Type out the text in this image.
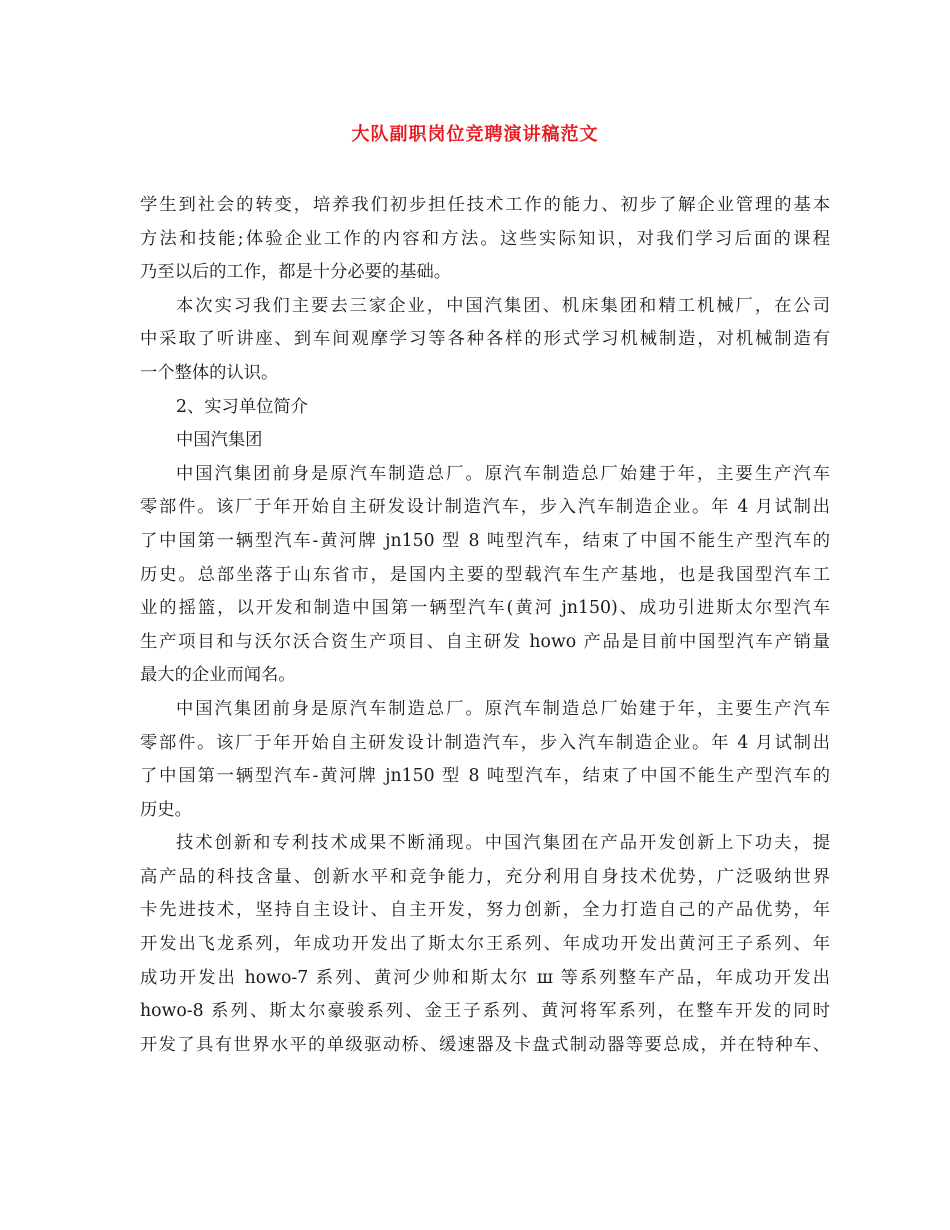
大队副职岗位竞聘演讲稿范文
学生到社会的转变，培养我们初步担任技术工作的能力、初步了解企业管理的基本
方法和技能;体验企业工作的内容和方法。这些实际知识，对我们学习后面的课程
乃至以后的工作，都是十分必要的基础。
本次实习我们主要去三家企业，中国汽集团、机床集团和精工机械厂，在公司
中采取了听讲座、到车间观摩学习等各种各样的形式学习机械制造，对机械制造有
一个整体的认识。
2、实习单位简介
中国汽集团
中国汽集团前身是原汽车制造总厂。原汽车制造总厂始建于年，主要生产汽车
零部件。该厂于年开始自主研发设计制造汽车，步入汽车制造企业。年 4 月试制出
了中国第一辆型汽车-黄河牌 jn150 型 8 吨型汽车，结束了中国不能生产型汽车的
历史。总部坐落于山东省市，是国内主要的型载汽车生产基地，也是我国型汽车工
业的摇篮，以开发和制造中国第一辆型汽车(黄河 jn150)、成功引进斯太尔型汽车
生产项目和与沃尔沃合资生产项目、自主研发 howo 产品是目前中国型汽车产销量
最大的企业而闻名。
中国汽集团前身是原汽车制造总厂。原汽车制造总厂始建于年，主要生产汽车
零部件。该厂于年开始自主研发设计制造汽车，步入汽车制造企业。年 4 月试制出
了中国第一辆型汽车-黄河牌 jn150 型 8 吨型汽车，结束了中国不能生产型汽车的
历史。
技术创新和专利技术成果不断涌现。中国汽集团在产品开发创新上下功夫，提
高产品的科技含量、创新水平和竞争能力，充分利用自身技术优势，广泛吸纳世界
卡先进技术，坚持自主设计、自主开发，努力创新，全力打造自己的产品优势，年
开发出飞龙系列，年成功开发出了斯太尔王系列、年成功开发出黄河王子系列、年
成功开发出 howo-7 系列、黄河少帅和斯太尔 ш 等系列整车产品，年成功开发出
howo-8 系列、斯太尔豪骏系列、金王子系列、黄河将军系列，在整车开发的同时
开发了具有世界水平的单级驱动桥、缓速器及卡盘式制动器等要总成，并在特种车、
